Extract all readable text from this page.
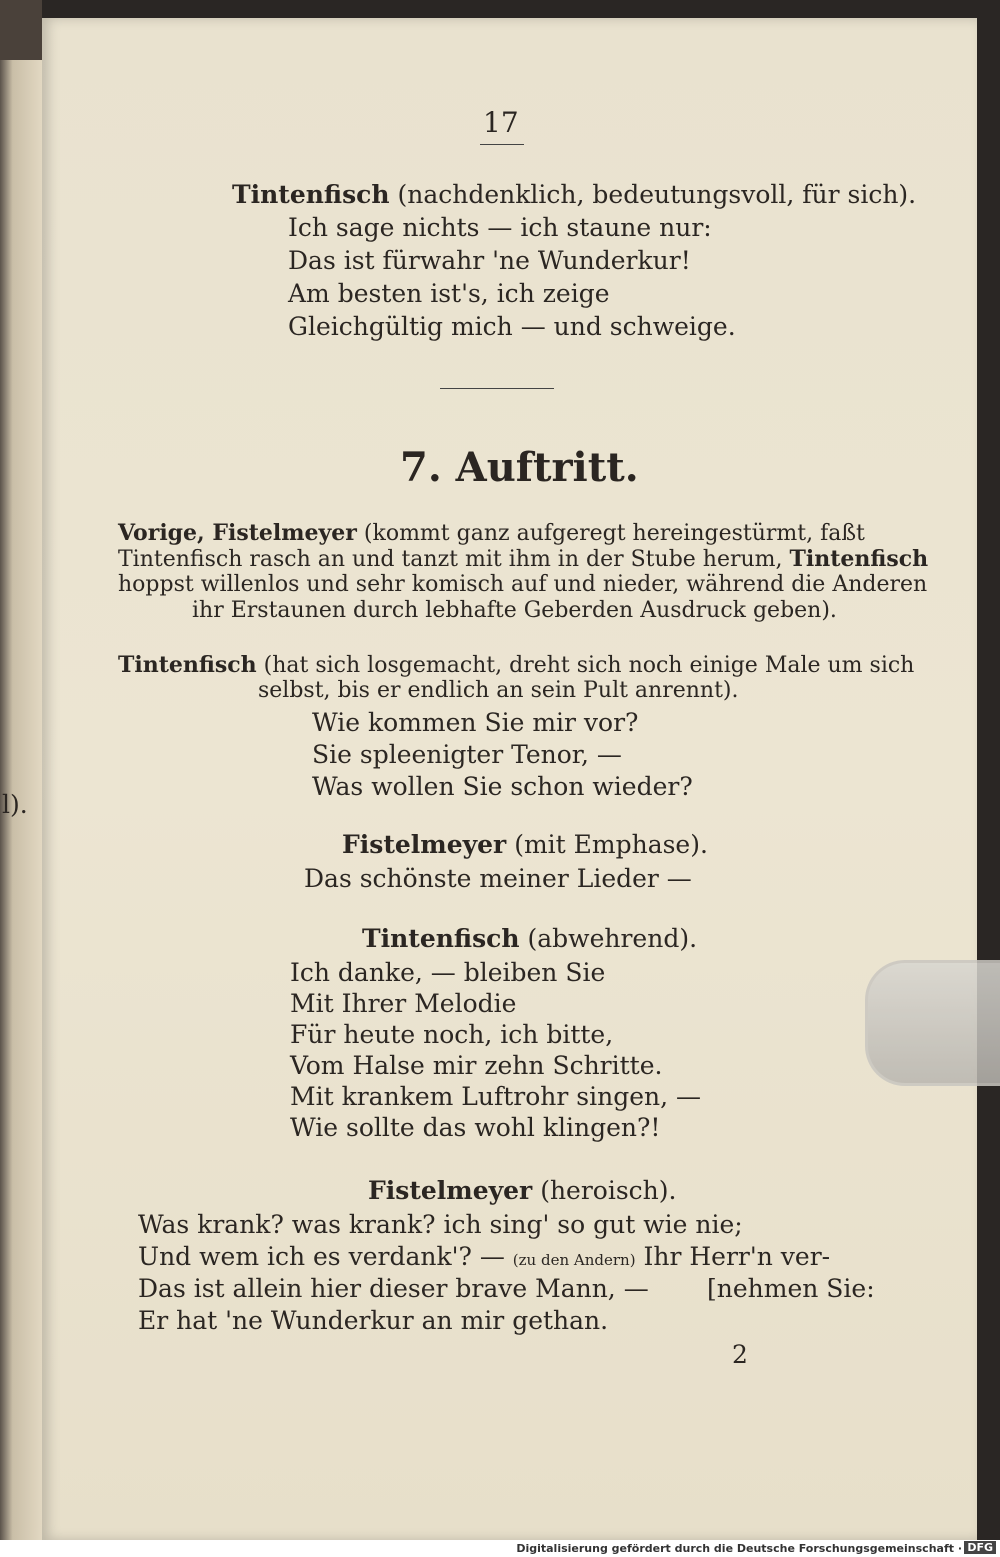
l).
17
Tintenfisch (nachdenklich, bedeutungsvoll, für sich).
Ich sage nichts — ich staune nur:
Das ist fürwahr 'ne Wunderkur!
Am besten ist's, ich zeige
Gleichgültig mich — und schweige.
7. Auftritt.
Vorige, Fistelmeyer (kommt ganz aufgeregt hereingestürmt, faßt
Tintenfisch rasch an und tanzt mit ihm in der Stube herum, Tintenfisch
hoppst willenlos und sehr komisch auf und nieder, während die Anderen
ihr Erstaunen durch lebhafte Geberden Ausdruck geben).
Tintenfisch (hat sich losgemacht, dreht sich noch einige Male um sich
selbst, bis er endlich an sein Pult anrennt).
Wie kommen Sie mir vor?
Sie spleenigter Tenor, —
Was wollen Sie schon wieder?
Fistelmeyer (mit Emphase).
Das schönste meiner Lieder —
Tintenfisch (abwehrend).
Ich danke, — bleiben Sie
Mit Ihrer Melodie
Für heute noch, ich bitte,
Vom Halse mir zehn Schritte.
Mit krankem Luftrohr singen, —
Wie sollte das wohl klingen?!
Fistelmeyer (heroisch).
Was krank? was krank? ich sing' so gut wie nie;
Und wem ich es verdank'? — (zu den Andern) Ihr Herr'n ver-
Das ist allein hier dieser brave Mann, — [nehmen Sie:
Er hat 'ne Wunderkur an mir gethan.
2
Digitalisierung gefördert durch die Deutsche Forschungsgemeinschaft · DFG
